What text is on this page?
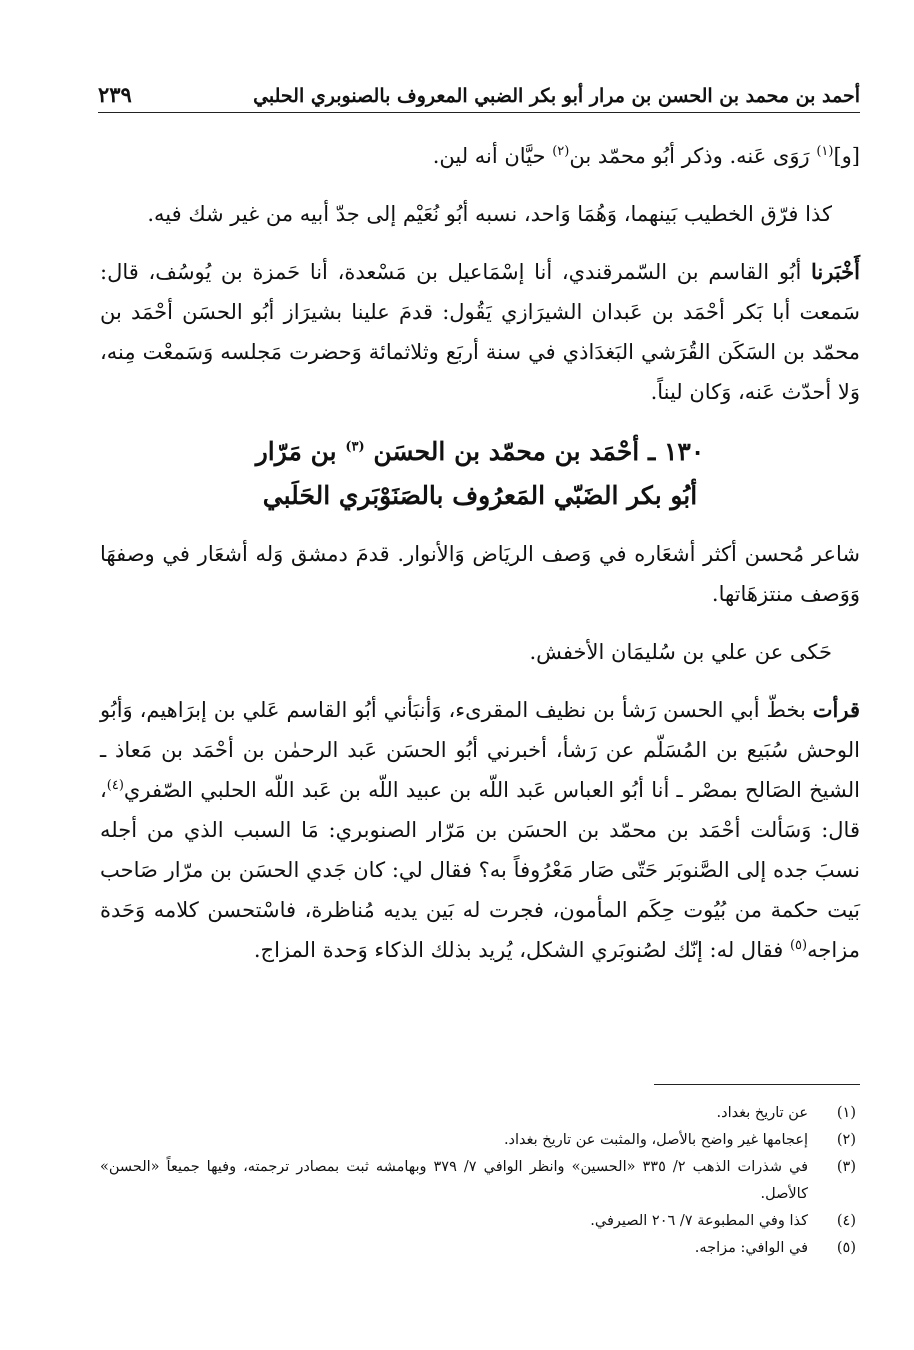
أحمد بن محمد بن الحسن بن مرار أبو بكر الضبي المعروف بالصنوبري الحلبي
٢٣٩

[و]$^{(١)}$ رَوَى عَنه. وذكر أبُو محمّد بن$^{(٢)}$ حيَّان أنه لين.

كذا فرّق الخطيب بَينهما، وَهُمَا وَاحد، نسبه أبُو نُعَيْم إلى جدّ أبيه من غير شك فيه.

أَخْبَرنا أبُو القاسم بن السّمرقندي، أنا إسْمَاعيل بن مَسْعدة، أنا حَمزة بن يُوسُف، قال: سَمعت أبا بَكر أحْمَد بن عَبدان الشيرَازي يَقُول: قدمَ علينا بشيرَاز أبُو الحسَن أحْمَد بن محمّد بن السَكَن القُرَشي البَغدَاذي في سنة أربَع وثلاثمائة وَحضرت مَجلسه وَسَمعْت مِنه، وَلا أحدّث عَنه، وَكان ليناً.

١٣٠ ـ أحْمَد بن محمّد بن الحسَن $^{(٣)}$ بن مَرّار
أبُو بكر الضَبّي المَعرُوف بالصَنَوْبَري الحَلَبي

شاعر مُحسن أكثر أشعَاره في وَصف الريَاض وَالأنوار. قدمَ دمشق وَله أشعَار في وصفهَا وَوَصف منتزهَاتها.

حَكى عن علي بن سُليمَان الأخفش.

قرأت بخطّ أبي الحسن رَشأ بن نظيف المقرىء، وَأنبَأني أبُو القاسم عَلي بن إبرَاهيم، وَأبُو الوحش سُبَيع بن المُسَلّم عن رَشأ، أخبرني أبُو الحسَن عَبد الرحمٰن بن أحْمَد بن مَعاذ ـ الشيخ الصَالح بمصْر ـ أنا أبُو العباس عَبد اللّه بن عبيد اللّه بن عَبد اللّه الحلبي الصّفري$^{(٤)}$، قال: وَسَألت أحْمَد بن محمّد بن الحسَن بن مَرّار الصنوبري: مَا السبب الذي من أجله نسبَ جده إلى الصَّنوبَر حَتّى صَار مَعْرُوفاً به؟ فقال لي: كان جَدي الحسَن بن مرّار صَاحب بَيت حكمة من بُيُوت حِكَم المأمون، فجرت له بَين يديه مُناظرة، فاسْتحسن كلامه وَحَدة مزاجه$^{(٥)}$ فقال له: إنّك لصُنوبَري الشكل، يُريد بذلك الذكاء وَحدة المزاج.

(١)
عن تاريخ بغداد.
(٢)
إعجامها غير واضح بالأصل، والمثبت عن تاريخ بغداد.
(٣)
في شذرات الذهب ٢/ ٣٣٥ «الحسين» وانظر الوافي ٧/ ٣٧٩ وبهامشه ثبت بمصادر ترجمته، وفيها جميعاً «الحسن» كالأصل.
(٤)
كذا وفي المطبوعة ٧/ ٢٠٦ الصيرفي.
(٥)
في الوافي: مزاجه.
